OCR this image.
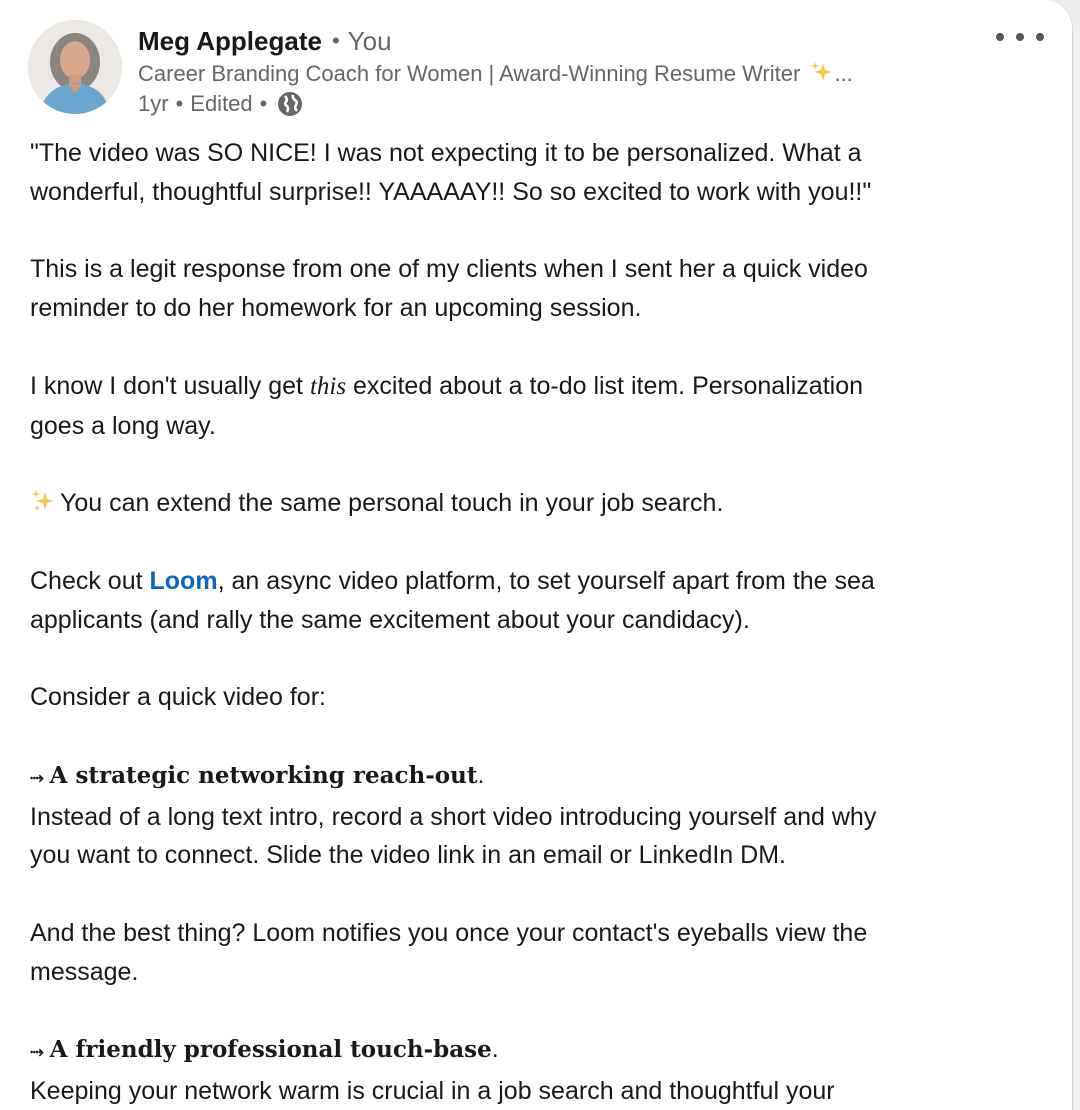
Meg Applegate • You
Career Branding Coach for Women | Award-Winning Resume Writer ...
1yr • Edited •

"The video was SO NICE! I was not expecting it to be personalized. What a

wonderful, thoughtful surprise!! YAAAAAY!! So so excited to work with you!!"

This is a legit response from one of my clients when I sent her a quick video

reminder to do her homework for an upcoming session.

I know I don't usually get this excited about a to-do list item. Personalization

goes a long way.

You can extend the same personal touch in your job search.

Check out Loom, an async video platform, to set yourself apart from the sea

applicants (and rally the same excitement about your candidacy).

Consider a quick video for:

⤑ A strategic networking reach-out.

Instead of a long text intro, record a short video introducing yourself and why

you want to connect. Slide the video link in an email or LinkedIn DM.

And the best thing? Loom notifies you once your contact's eyeballs view the

message.

⤑ A friendly professional touch-base.

Keeping your network warm is crucial in a job search and thoughtful your
